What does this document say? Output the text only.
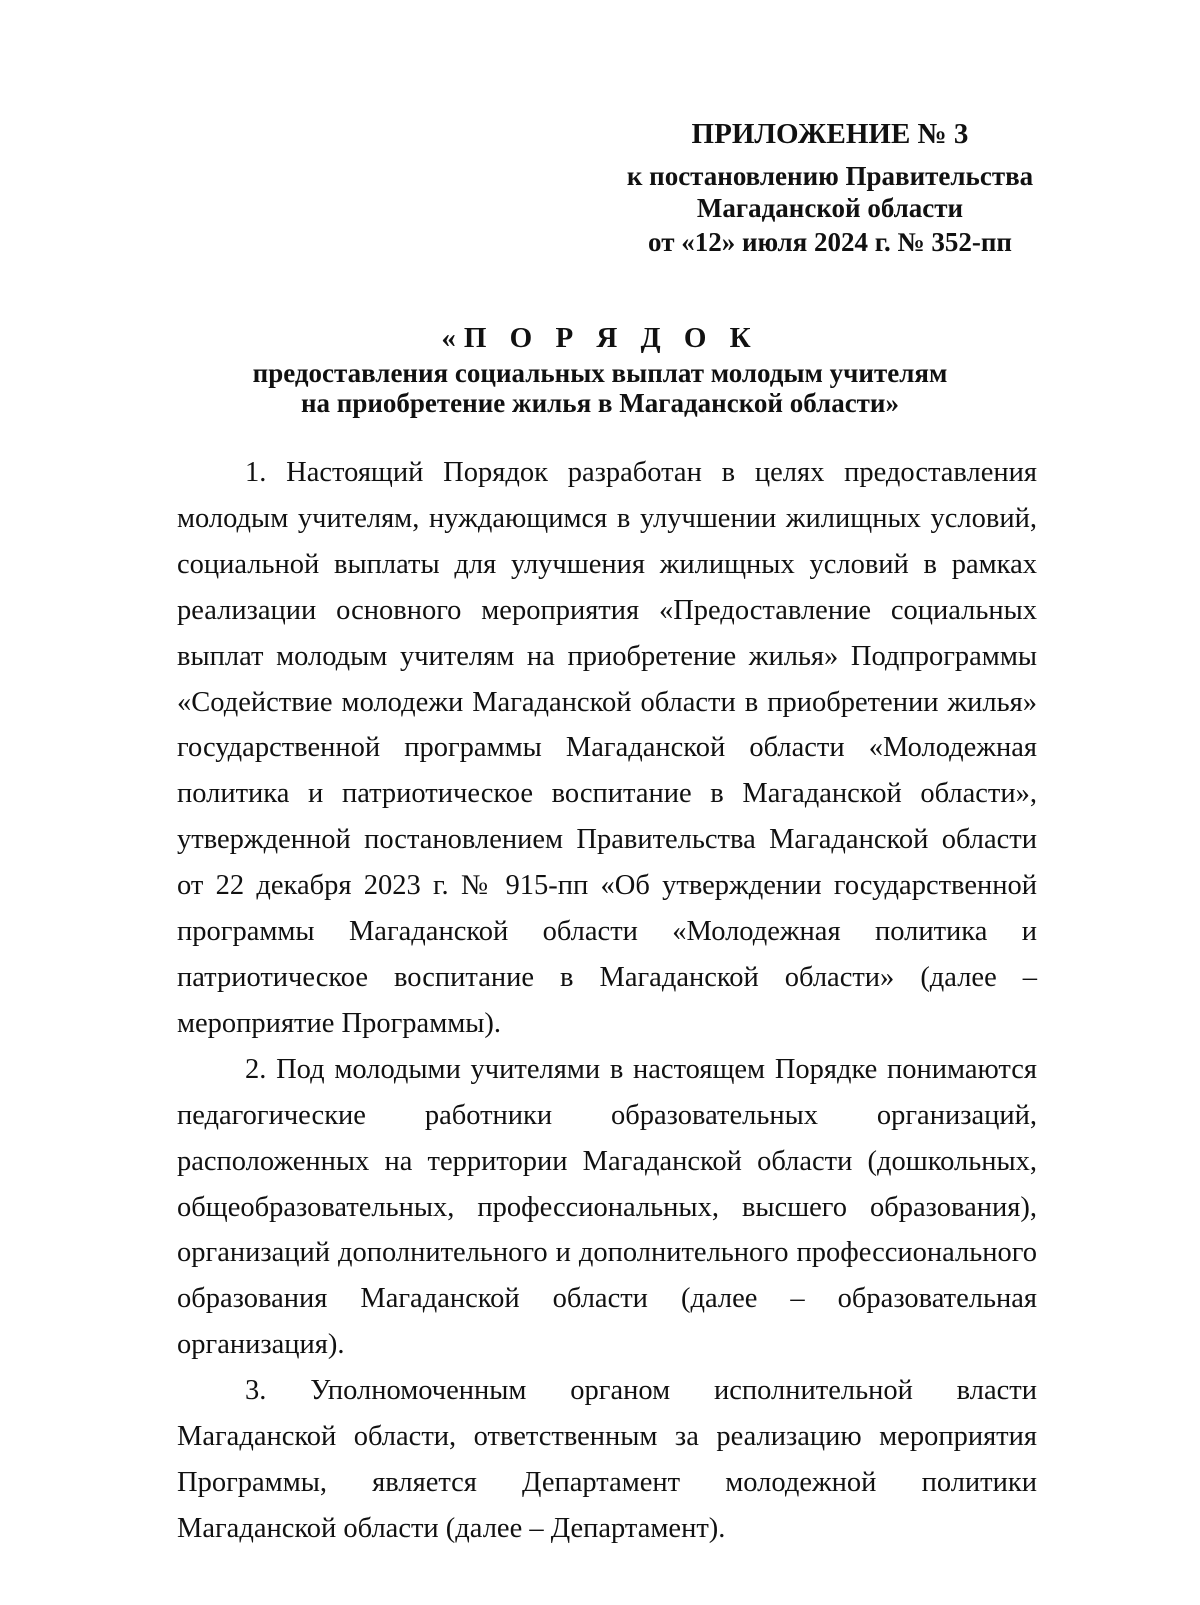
ПРИЛОЖЕНИЕ № 3
к постановлению Правительства
Магаданской области
от «12» июля 2024 г. № 352-пп
«П О Р Я Д О К
предоставления социальных выплат молодым учителям
на приобретение жилья в Магаданской области»

1. Настоящий Порядок разработан в целях предоставления молодым учителям, нуждающимся в улучшении жилищных условий, социальной выплаты для улучшения жилищных условий в рамках реализации основного мероприятия «Предоставление социальных выплат молодым учителям на приобретение жилья» Подпрограммы «Содействие молодежи Магаданской области в приобретении жилья» государственной программы Магаданской области «Молодежная политика и патриотическое воспитание в Магаданской области», утвержденной постановлением Правительства Магаданской области от 22 декабря 2023 г. № 915-пп «Об утверждении государственной программы Магаданской области «Молодежная политика и патриотическое воспитание в Магаданской области» (далее – мероприятие Программы).

2. Под молодыми учителями в настоящем Порядке понимаются педагогические работники образовательных организаций, расположенных на территории Магаданской области (дошкольных, общеобразовательных, профессиональных, высшего образования), организаций дополнительного и дополнительного профессионального образования Магаданской области (далее – образовательная организация).

3. Уполномоченным органом исполнительной власти Магаданской области, ответственным за реализацию мероприятия Программы, является Департамент молодежной политики Магаданской области (далее – Департамент).
